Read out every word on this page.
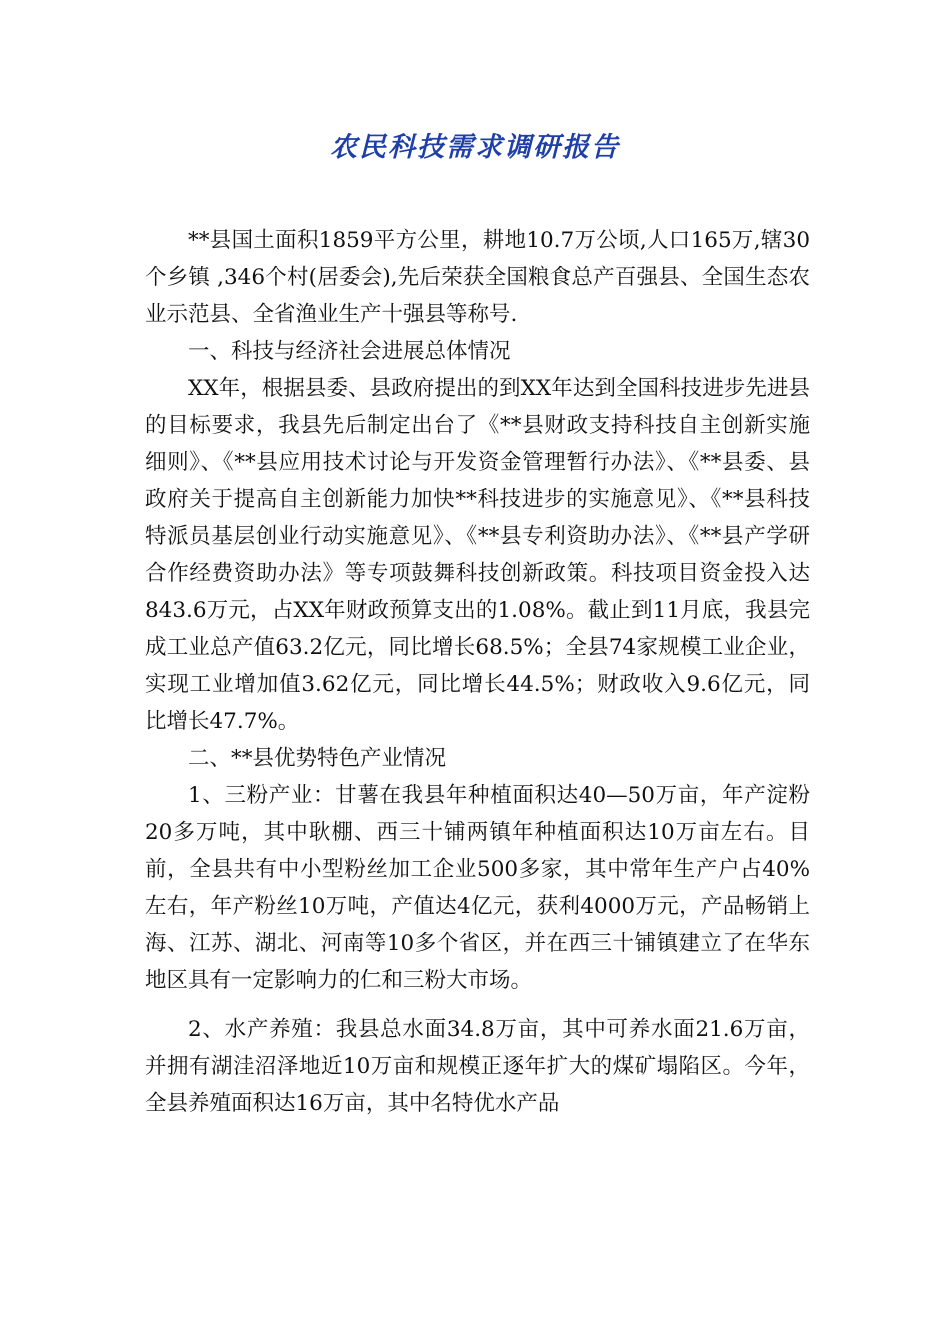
农民科技需求调研报告

**县国土面积1859平方公里，耕地10.7万公顷,人口165万,辖30个乡镇 ,346个村(居委会),先后荣获全国粮食总产百强县、全国生态农业示范县、全省渔业生产十强县等称号.

一、科技与经济社会进展总体情况

XX年，根据县委、县政府提出的到XX年达到全国科技进步先进县的目标要求，我县先后制定出台了《**县财政支持科技自主创新实施细则》、《**县应用技术讨论与开发资金管理暂行办法》、《**县委、县政府关于提高自主创新能力加快**科技进步的实施意见》、《**县科技特派员基层创业行动实施意见》、《**县专利资助办法》、《**县产学研合作经费资助办法》等专项鼓舞科技创新政策。科技项目资金投入达843.6万元，占XX年财政预算支出的1.08%。截止到11月底，我县完成工业总产值63.2亿元，同比增长68.5%；全县74家规模工业企业，实现工业增加值3.62亿元，同比增长44.5%；财政收入9.6亿元，同比增长47.7%。

二、**县优势特色产业情况

1、三粉产业：甘薯在我县年种植面积达40—50万亩，年产淀粉20多万吨，其中耿棚、西三十铺两镇年种植面积达10万亩左右。目前，全县共有中小型粉丝加工企业500多家，其中常年生产户占40%左右，年产粉丝10万吨，产值达4亿元，获利4000万元，产品畅销上海、江苏、湖北、河南等10多个省区，并在西三十铺镇建立了在华东地区具有一定影响力的仁和三粉大市场。

2、水产养殖：我县总水面34.8万亩，其中可养水面21.6万亩，并拥有湖洼沼泽地近10万亩和规模正逐年扩大的煤矿塌陷区。今年，全县养殖面积达16万亩，其中名特优水产品
